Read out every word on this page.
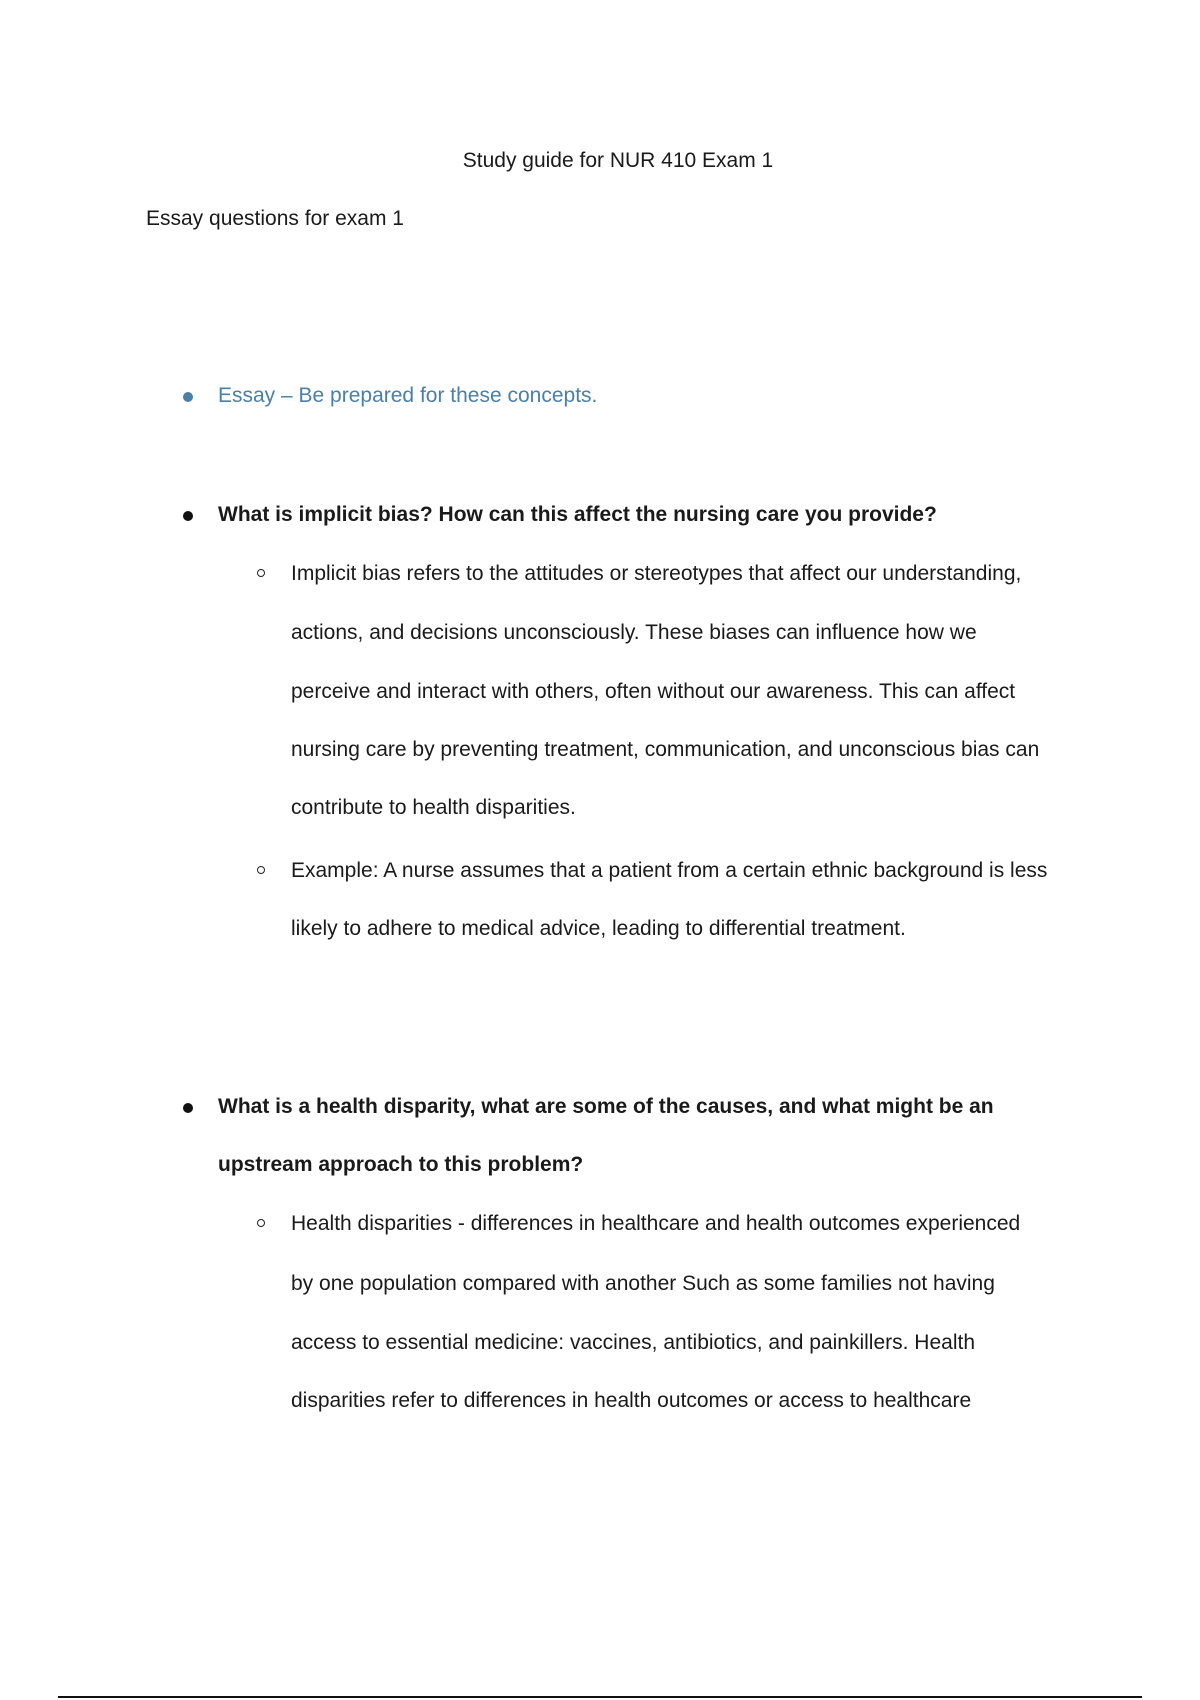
Study guide for NUR 410 Exam 1
Essay questions for exam 1
Essay – Be prepared for these concepts.
What is implicit bias? How can this affect the nursing care you provide?
Implicit bias refers to the attitudes or stereotypes that affect our understanding,
actions, and decisions unconsciously. These biases can influence how we
perceive and interact with others, often without our awareness. This can affect
nursing care by preventing treatment, communication, and unconscious bias can
contribute to health disparities.
Example: A nurse assumes that a patient from a certain ethnic background is less
likely to adhere to medical advice, leading to differential treatment.
What is a health disparity, what are some of the causes, and what might be an
upstream approach to this problem?
Health disparities - differences in healthcare and health outcomes experienced
by one population compared with another Such as some families not having
access to essential medicine: vaccines, antibiotics, and painkillers. Health
disparities refer to differences in health outcomes or access to healthcare
